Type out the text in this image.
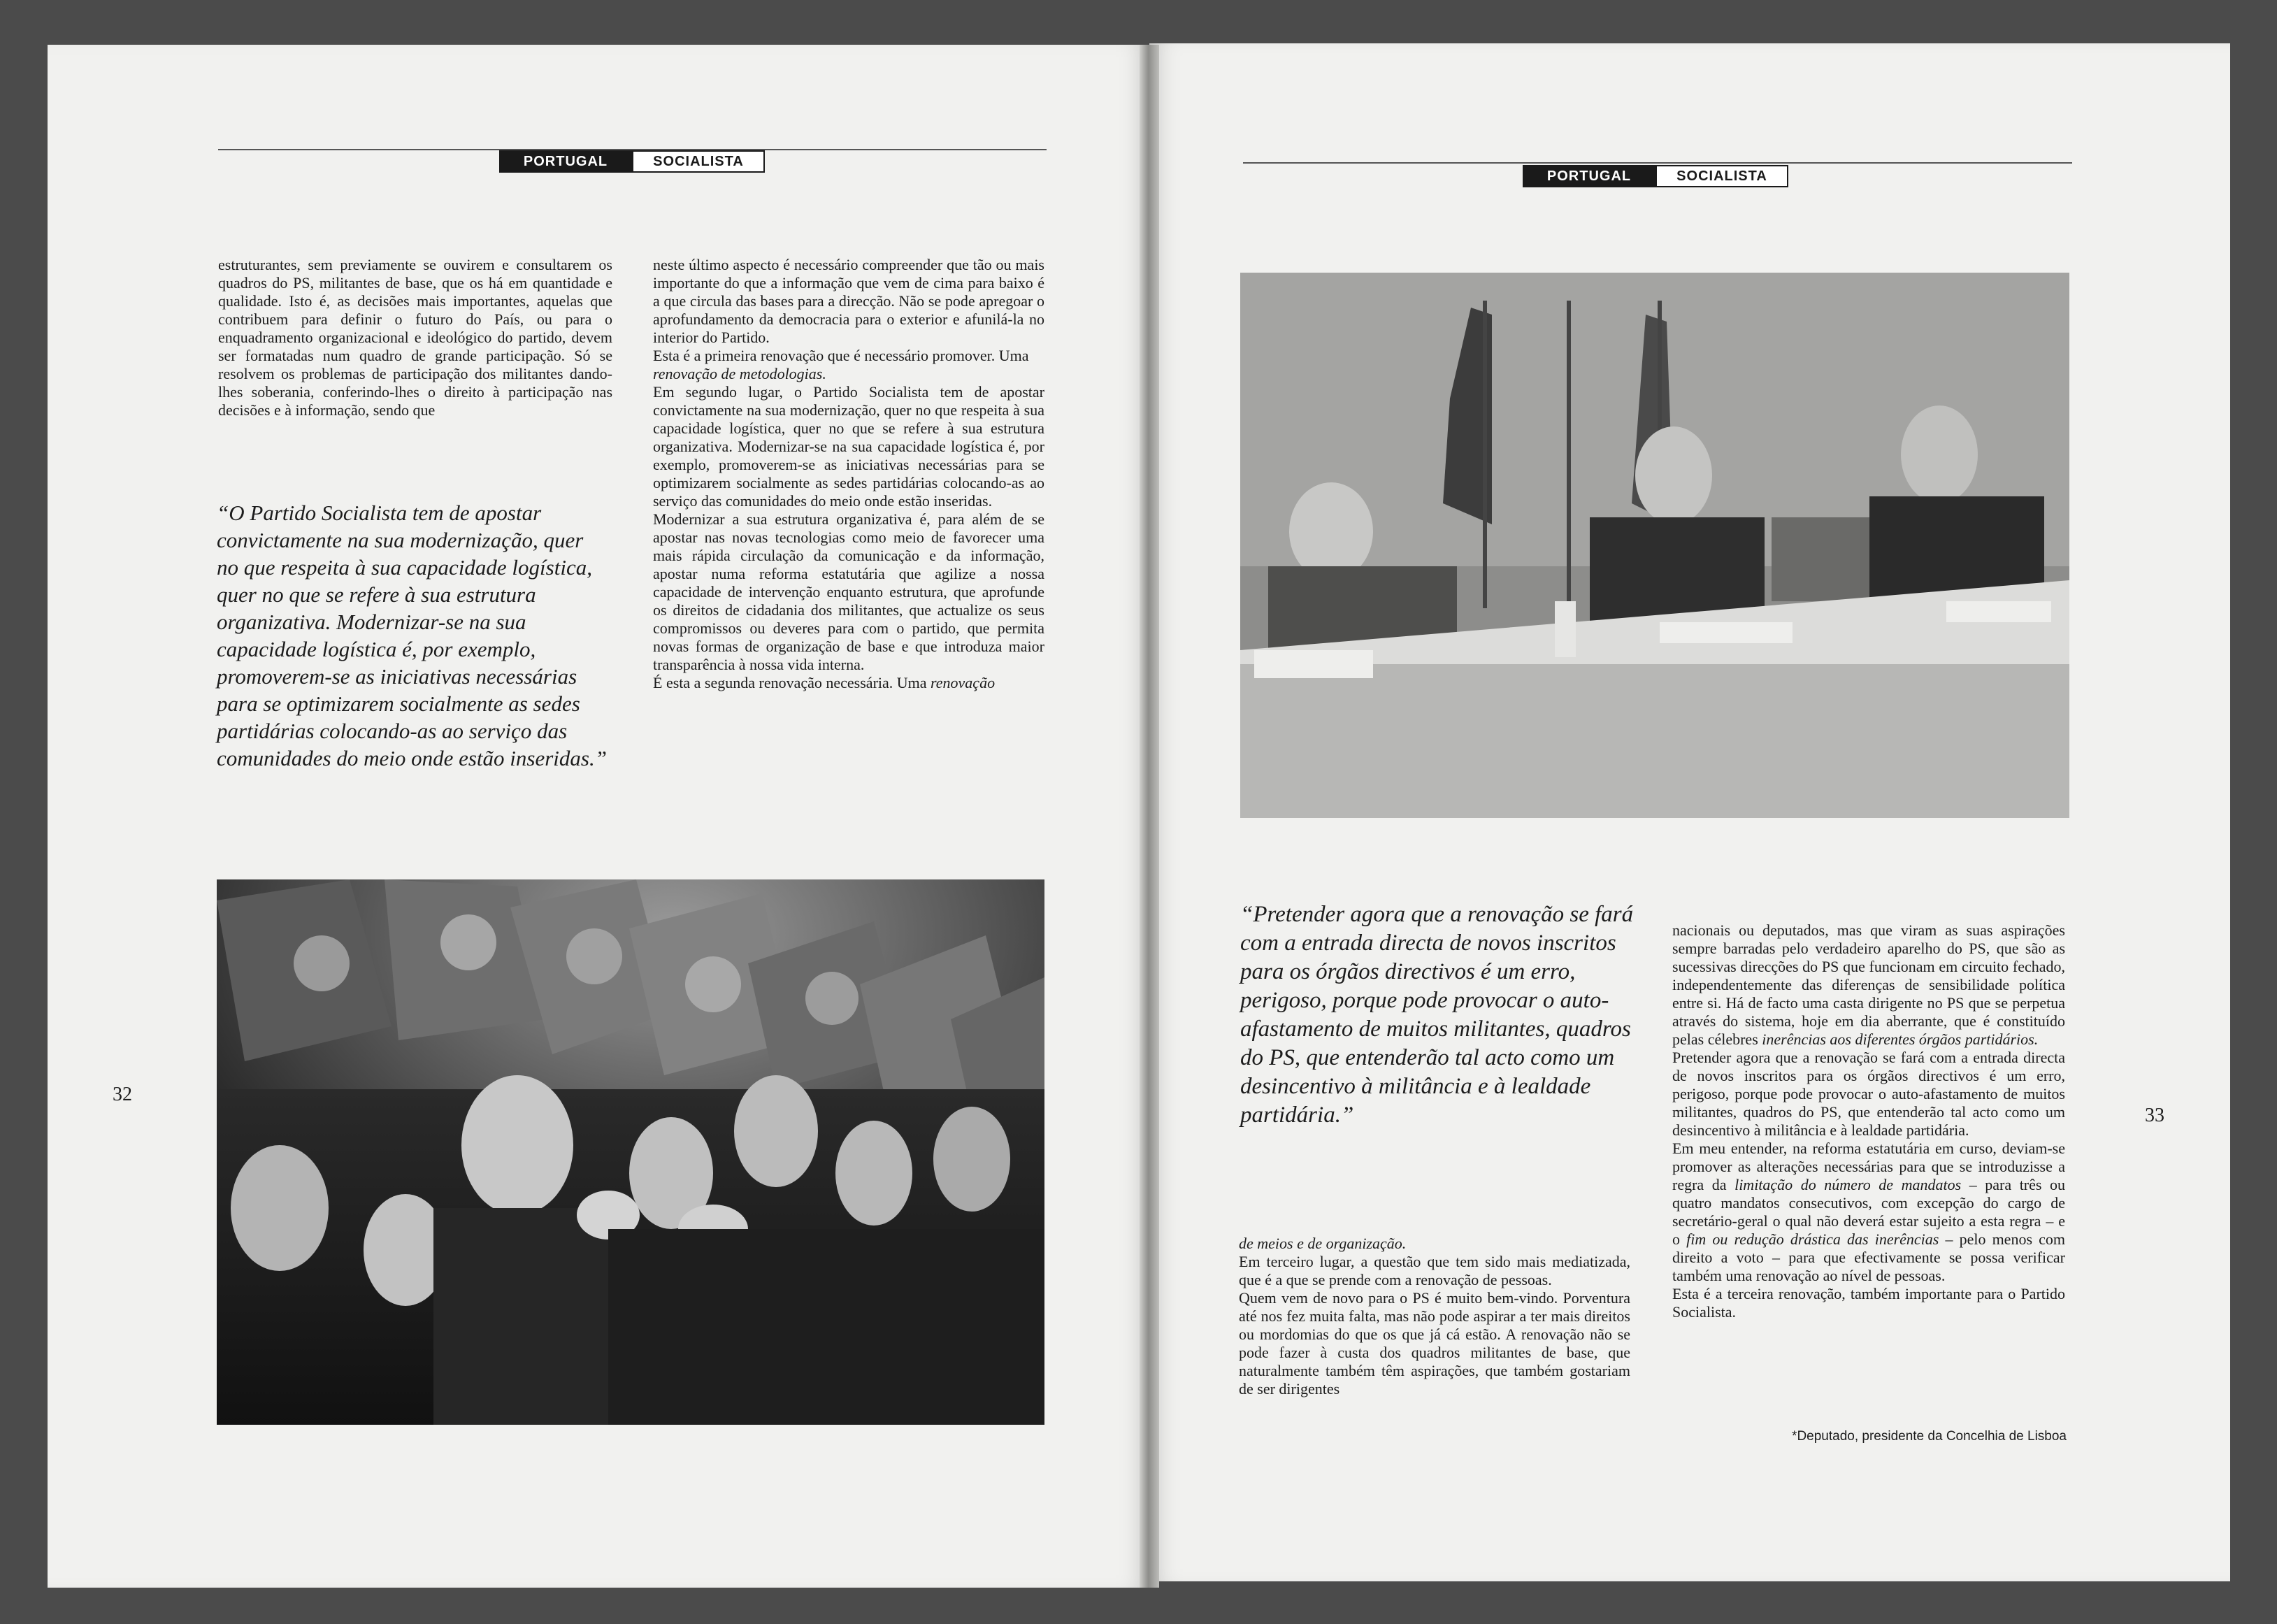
PORTUGAL	SOCIALISTA

estruturantes, sem previamente se ouvirem e consultarem os quadros do PS, militantes de base, que os há em quantidade e qualidade. Isto é, as decisões mais importantes, aquelas que contribuem para definir o futuro do País, ou para o enquadramento organizacional e ideológico do partido, devem ser formatadas num quadro de grande participação. Só se resolvem os problemas de participação dos militantes dando-lhes soberania, conferindo-lhes o direito à participação nas decisões e à informação, sendo que

“O Partido Socialista tem de apostar convictamente na sua modernização, quer no que respeita à sua capacidade logística, quer no que se refere à sua estrutura organizativa. Modernizar-se na sua capacidade logística é, por exemplo, promoverem-se as iniciativas necessárias para se optimizarem socialmente as sedes partidárias colocando-as ao serviço das comunidades do meio onde estão inseridas.”

neste último aspecto é necessário compreender que tão ou mais importante do que a informação que vem de cima para baixo é a que circula das bases para a direcção. Não se pode apregoar o aprofundamento da democracia para o exterior e afunilá-la no interior do Partido.

Esta é a primeira renovação que é necessário promover. Uma renovação de metodologias.

Em segundo lugar, o Partido Socialista tem de apostar convictamente na sua modernização, quer no que respeita à sua capacidade logística, quer no que se refere à sua estrutura organizativa. Modernizar-se na sua capacidade logística é, por exemplo, promoverem-se as iniciativas necessárias para se optimizarem socialmente as sedes partidárias colocando-as ao serviço das comunidades do meio onde estão inseridas.

Modernizar a sua estrutura organizativa é, para além de se apostar nas novas tecnologias como meio de favorecer uma mais rápida circulação da comunicação e da informação, apostar numa reforma estatutária que agilize a nossa capacidade de intervenção enquanto estrutura, que aprofunde os direitos de cidadania dos militantes, que actualize os seus compromissos ou deveres para com o partido, que permita novas formas de organização de base e que introduza maior transparência à nossa vida interna.

É esta a segunda renovação necessária. Uma renovação

32
PORTUGAL	SOCIALISTA
“Pretender agora que a renovação se fará com a entrada directa de novos inscritos para os órgãos directivos é um erro, perigoso, porque pode provocar o auto-afastamento de muitos militantes, quadros do PS, que entenderão tal acto como um desincentivo à militância e à lealdade partidária.”

de meios e de organização.

Em terceiro lugar, a questão que tem sido mais mediatizada, que é a que se prende com a renovação de pessoas.

Quem vem de novo para o PS é muito bem-vindo. Porventura até nos fez muita falta, mas não pode aspirar a ter mais direitos ou mordomias do que os que já cá estão. A renovação não se pode fazer à custa dos quadros militantes de base, que naturalmente também têm aspirações, que também gostariam de ser dirigentes

nacionais ou deputados, mas que viram as suas aspirações sempre barradas pelo verdadeiro aparelho do PS, que são as sucessivas direcções do PS que funcionam em circuito fechado, independentemente das diferenças de sensibilidade política entre si. Há de facto uma casta dirigente no PS que se perpetua através do sistema, hoje em dia aberrante, que é constituído pelas célebres inerências aos diferentes órgãos partidários.

Pretender agora que a renovação se fará com a entrada directa de novos inscritos para os órgãos directivos é um erro, perigoso, porque pode provocar o auto-afastamento de muitos militantes, quadros do PS, que entenderão tal acto como um desincentivo à militância e à lealdade partidária.

Em meu entender, na reforma estatutária em curso, deviam-se promover as alterações necessárias para que se introduzisse a regra da limitação do número de mandatos – para três ou quatro mandatos consecutivos, com excepção do cargo de secretário-geral o qual não deverá estar sujeito a esta regra – e o fim ou redução drástica das inerências – pelo menos com direito a voto – para que efectivamente se possa verificar também uma renovação ao nível de pessoas.

Esta é a terceira renovação, também importante para o Partido Socialista.

*Deputado, presidente da Concelhia de Lisboa
33
